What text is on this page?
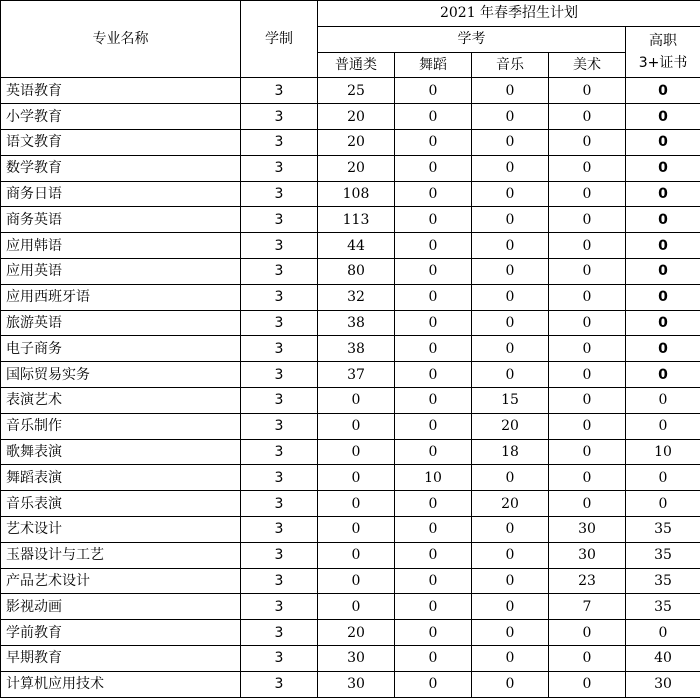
专业名称	学制	2021 年春季招生计划				
		学考				高职
3+证书

		普通类	舞蹈	音乐	美术	
英语教育	3	25	0	0	0	0
小学教育	3	20	0	0	0	0
语文教育	3	20	0	0	0	0
数学教育	3	20	0	0	0	0
商务日语	3	108	0	0	0	0
商务英语	3	113	0	0	0	0
应用韩语	3	44	0	0	0	0
应用英语	3	80	0	0	0	0
应用西班牙语	3	32	0	0	0	0
旅游英语	3	38	0	0	0	0
电子商务	3	38	0	0	0	0
国际贸易实务	3	37	0	0	0	0
表演艺术	3	0	0	15	0	0
音乐制作	3	0	0	20	0	0
歌舞表演	3	0	0	18	0	10
舞蹈表演	3	0	10	0	0	0
音乐表演	3	0	0	20	0	0
艺术设计	3	0	0	0	30	35
玉器设计与工艺	3	0	0	0	30	35
产品艺术设计	3	0	0	0	23	35
影视动画	3	0	0	0	7	35
学前教育	3	20	0	0	0	0
早期教育	3	30	0	0	0	40
计算机应用技术	3	30	0	0	0	30
